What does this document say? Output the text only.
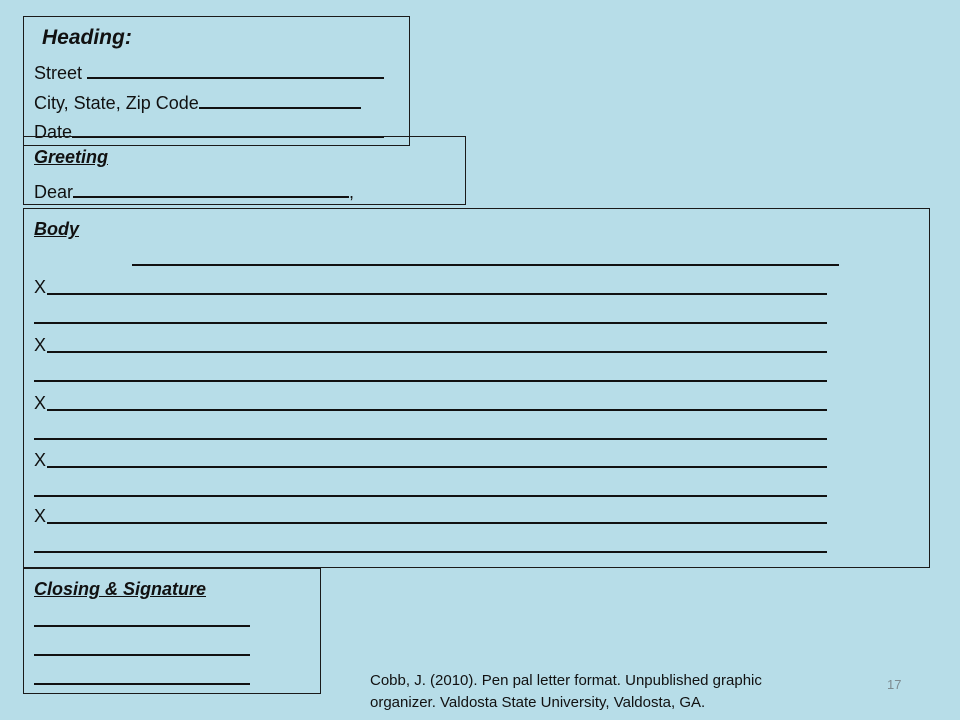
Heading:
Street
City, State, Zip Code
Date
Greeting
Dear	,
Body
X
X
X
X
X
Closing & Signature
Cobb, J. (2010). Pen pal letter format. Unpublished graphic
organizer. Valdosta State University, Valdosta, GA.
17
